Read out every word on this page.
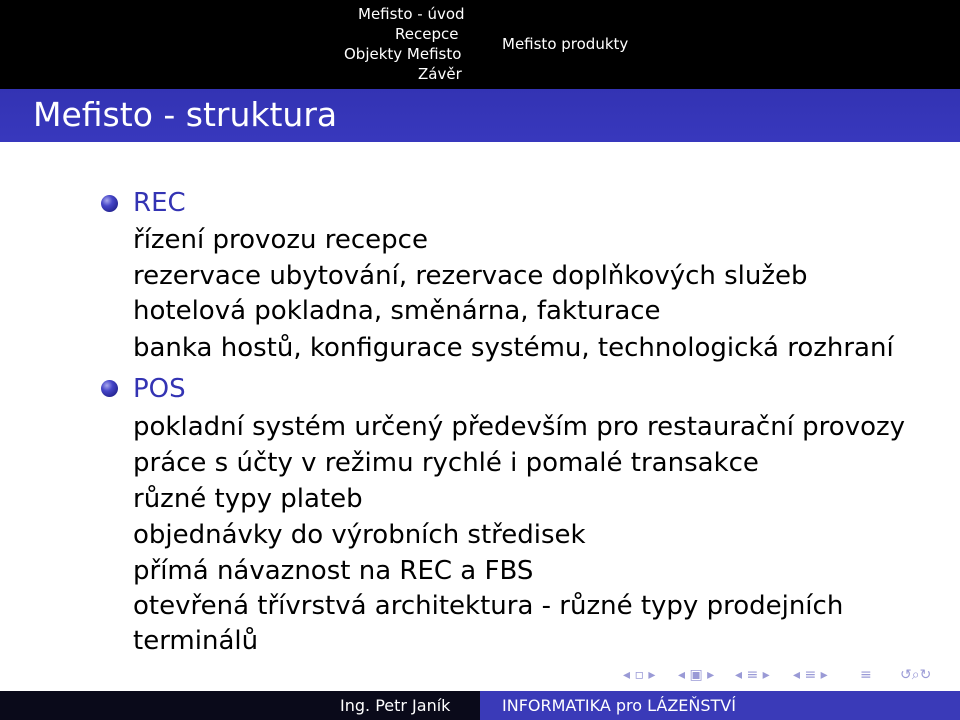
Mefisto - úvod
Recepce
Objekty Mefisto
Závěr
Mefisto produkty
Mefisto - struktura
REC
řízení provozu recepce
rezervace ubytování, rezervace doplňkových služeb
hotelová pokladna, směnárna, fakturace
banka hostů, konfigurace systému, technologická rozhraní
POS
pokladní systém určený především pro restaurační provozy
práce s účty v režimu rychlé i pomalé transakce
různé typy plateb
objednávky do výrobních středisek
přímá návaznost na REC a FBS
otevřená třívrstvá architektura - různé typy prodejních
terminálů
◂ ▫ ▸ ◂ ▣ ▸ ◂ ≡ ▸ ◂ ≡ ▸ ≡ ↺⌕↻
Ing. Petr Janík	INFORMATIKA pro LÁZEŇSTVÍ
